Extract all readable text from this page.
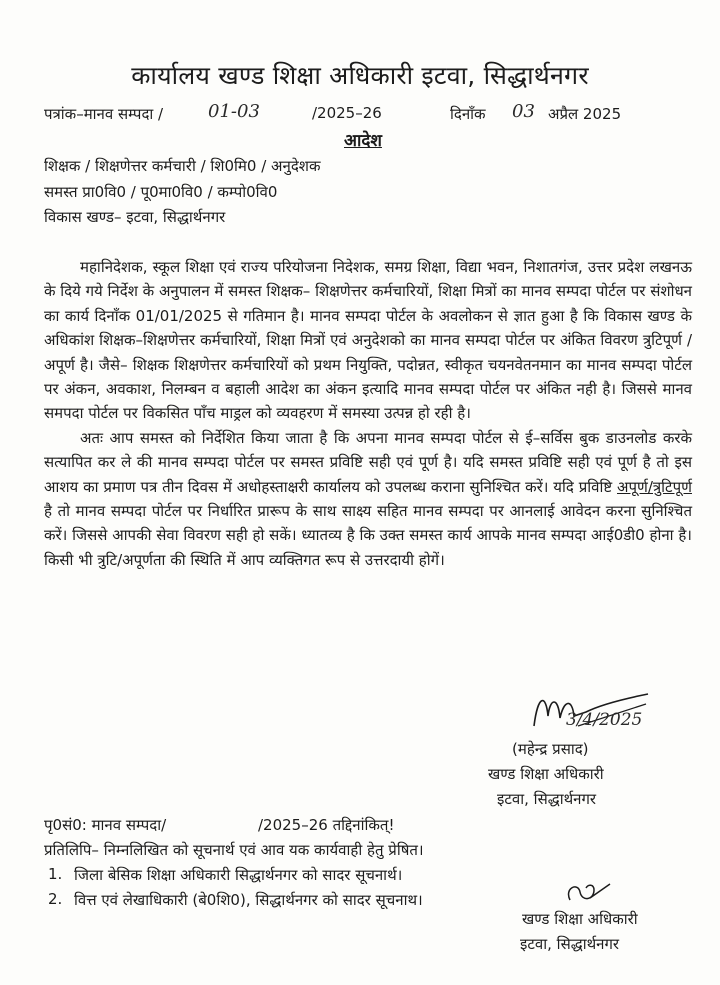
कार्यालय खण्ड शिक्षा अधिकारी इटवा, सिद्धार्थनगर
पत्रांक–मानव सम्पदा / 01-03	/2025–26	दिनाँक 03 अप्रैल 2025
आदेश
शिक्षक / शिक्षणेत्तर कर्मचारी / शि0मि0 / अनुदेशक
समस्त प्रा0वि0 / पू0मा0वि0 / कम्पो0वि0
विकास खण्ड– इटवा, सिद्धार्थनगर

महानिदेशक, स्कूल शिक्षा एवं राज्य परियोजना निदेशक, समग्र शिक्षा, विद्या भवन, निशातगंज, उत्तर प्रदेश लखनऊ के दिये गये निर्देश के अनुपालन में समस्त शिक्षक– शिक्षणेत्तर कर्मचारियों, शिक्षा मित्रों का मानव सम्पदा पोर्टल पर संशोधन का कार्य दिनाँक 01/01/2025 से गतिमान है। मानव सम्पदा पोर्टल के अवलोकन से ज्ञात हुआ है कि विकास खण्ड के अधिकांश शिक्षक–शिक्षणेत्तर कर्मचारियों, शिक्षा मित्रों एवं अनुदेशको का मानव सम्पदा पोर्टल पर अंकित विवरण त्रुटिपूर्ण / अपूर्ण है। जैसे– शिक्षक शिक्षणेत्तर कर्मचारियों को प्रथम नियुक्ति, पदोन्नत, स्वीकृत चयनवेतनमान का मानव सम्पदा पोर्टल पर अंकन, अवकाश, निलम्बन व बहाली आदेश का अंकन इत्यादि मानव सम्पदा पोर्टल पर अंकित नही है। जिससे मानव समपदा पोर्टल पर विकसित पाँच माड्रल को व्यवहरण में समस्या उत्पन्न हो रही है।

अतः आप समस्त को निर्देशित किया जाता है कि अपना मानव सम्पदा पोर्टल से ई–सर्विस बुक डाउनलोड करके सत्यापित कर ले की मानव सम्पदा पोर्टल पर समस्त प्रविष्टि सही एवं पूर्ण है। यदि समस्त प्रविष्टि सही एवं पूर्ण है तो इस आशय का प्रमाण पत्र तीन दिवस में अधोहस्ताक्षरी कार्यालय को उपलब्ध कराना सुनिश्चित करें। यदि प्रविष्टि अपूर्ण/त्रुटिपूर्ण है तो मानव सम्पदा पोर्टल पर निर्धारित प्रारूप के साथ साक्ष्य सहित मानव सम्पदा पर आनलाई आवेदन करना सुनिश्चित करें। जिससे आपकी सेवा विवरण सही हो सकें। ध्यातव्य है कि उक्त समस्त कार्य आपके मानव सम्पदा आई0डी0 होना है। किसी भी त्रुटि/अपूर्णता की स्थिति में आप व्यक्तिगत रूप से उत्तरदायी होगें।

3/4/2025
(महेन्द्र प्रसाद)
खण्ड शिक्षा अधिकारी
इटवा, सिद्धार्थनगर
पृ0सं0: मानव सम्पदा/	/2025–26 तद्दिनांकित्!
प्रतिलिपि– निम्नलिखित को सूचनार्थ एवं आव यक कार्यवाही हेतु प्रेषित।
1. जिला बेसिक शिक्षा अधिकारी सिद्धार्थनगर को सादर सूचनार्थ।
2. वित्त एवं लेखाधिकारी (बे0शि0), सिद्धार्थनगर को सादर सूचनाथ।
खण्ड शिक्षा अधिकारी
इटवा, सिद्धार्थनगर
